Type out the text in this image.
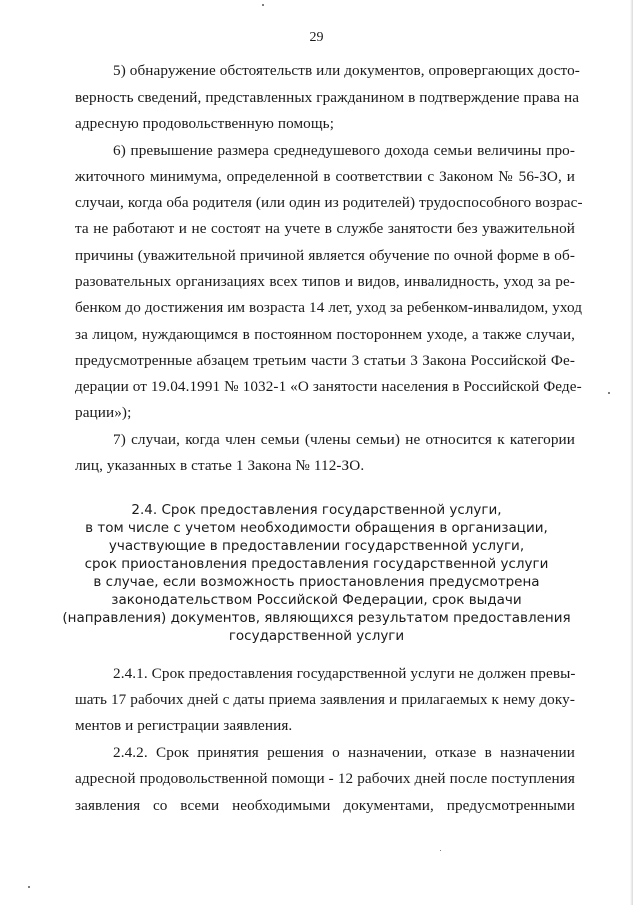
29
5) обнаружение обстоятельств или документов, опровергающих досто-
верность сведений, представленных гражданином в подтверждение права на
адресную продовольственную помощь;
6) превышение размера среднедушевого дохода семьи величины про-
житочного минимума, определенной в соответствии с Законом № 56-ЗО, и
случаи, когда оба родителя (или один из родителей) трудоспособного возрас-
та не работают и не состоят на учете в службе занятости без уважительной
причины (уважительной причиной является обучение по очной форме в об-
разовательных организациях всех типов и видов, инвалидность, уход за ре-
бенком до достижения им возраста 14 лет, уход за ребенком-инвалидом, уход
за лицом, нуждающимся в постоянном постороннем уходе, а также случаи,
предусмотренные абзацем третьим части 3 статьи 3 Закона Российской Фе-
дерации от 19.04.1991 № 1032-1 «О занятости населения в Российской Феде-
рации»);
7) случаи, когда член семьи (члены семьи) не относится к категории
лиц, указанных в статье 1 Закона № 112-ЗО.
2.4. Срок предоставления государственной услуги,
в том числе с учетом необходимости обращения в организации,
участвующие в предоставлении государственной услуги,
срок приостановления предоставления государственной услуги
в случае, если возможность приостановления предусмотрена
законодательством Российской Федерации, срок выдачи
(направления) документов, являющихся результатом предоставления
государственной услуги
2.4.1. Срок предоставления государственной услуги не должен превы-
шать 17 рабочих дней с даты приема заявления и прилагаемых к нему доку-
ментов и регистрации заявления.
2.4.2. Срок принятия решения о назначении, отказе в назначении
адресной продовольственной помощи - 12 рабочих дней после поступления
заявления со всеми необходимыми документами, предусмотренными
